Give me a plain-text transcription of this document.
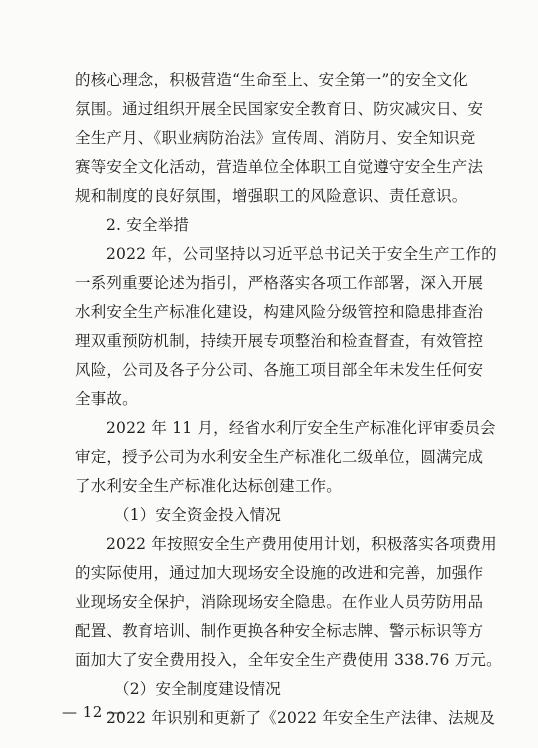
的核心理念，积极营造“生命至上、安全第一”的安全文化
氛围。通过组织开展全民国家安全教育日、防灾减灾日、安
全生产月、《职业病防治法》宣传周、消防月、安全知识竞
赛等安全文化活动，营造单位全体职工自觉遵守安全生产法
规和制度的良好氛围，增强职工的风险意识、责任意识。
2. 安全举措
2022 年，公司坚持以习近平总书记关于安全生产工作的
一系列重要论述为指引，严格落实各项工作部署，深入开展
水利安全生产标准化建设，构建风险分级管控和隐患排查治
理双重预防机制，持续开展专项整治和检查督查，有效管控
风险，公司及各子分公司、各施工项目部全年未发生任何安
全事故。
2022 年 11 月，经省水利厅安全生产标准化评审委员会
审定，授予公司为水利安全生产标准化二级单位，圆满完成
了水利安全生产标准化达标创建工作。
（1）安全资金投入情况
2022 年按照安全生产费用使用计划，积极落实各项费用
的实际使用，通过加大现场安全设施的改进和完善，加强作
业现场安全保护，消除现场安全隐患。在作业人员劳防用品
配置、教育培训、制作更换各种安全标志牌、警示标识等方
面加大了安全费用投入，全年安全生产费使用 338.76 万元。
（2）安全制度建设情况
2022 年识别和更新了《2022 年安全生产法律、法规及
— 12 —
